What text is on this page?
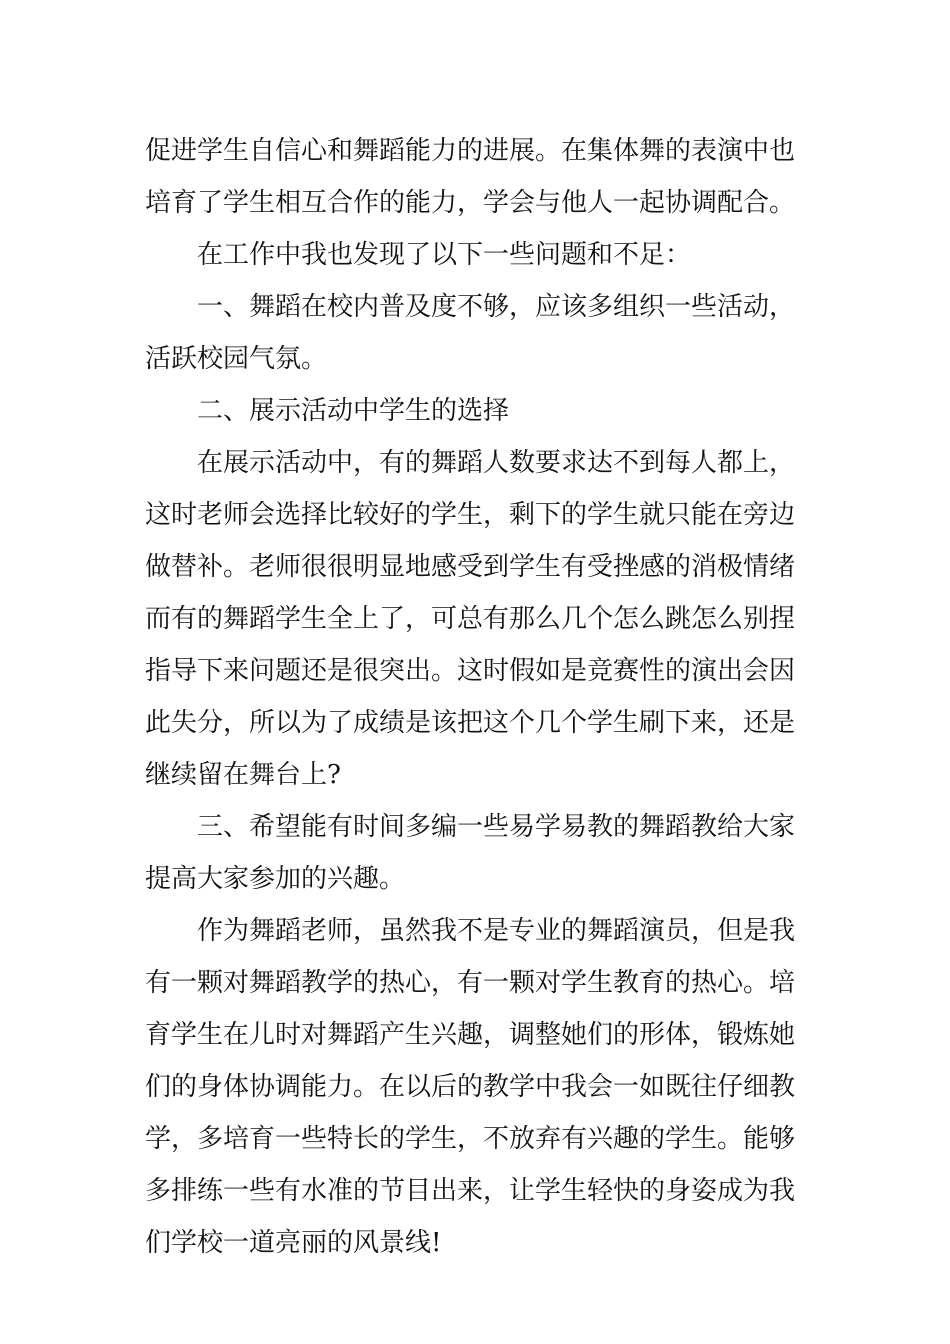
促进学生自信心和舞蹈能力的进展。在集体舞的表演中也
培育了学生相互合作的能力，学会与他人一起协调配合。
在工作中我也发现了以下一些问题和不足：
一、舞蹈在校内普及度不够，应该多组织一些活动，
活跃校园气氛。
二、展示活动中学生的选择
在展示活动中，有的舞蹈人数要求达不到每人都上，
这时老师会选择比较好的学生，剩下的学生就只能在旁边
做替补。老师很很明显地感受到学生有受挫感的消极情绪
而有的舞蹈学生全上了，可总有那么几个怎么跳怎么别捏
指导下来问题还是很突出。这时假如是竞赛性的演出会因
此失分，所以为了成绩是该把这个几个学生刷下来，还是
继续留在舞台上?
三、希望能有时间多编一些易学易教的舞蹈教给大家
提高大家参加的兴趣。
作为舞蹈老师，虽然我不是专业的舞蹈演员，但是我
有一颗对舞蹈教学的热心，有一颗对学生教育的热心。培
育学生在儿时对舞蹈产生兴趣，调整她们的形体，锻炼她
们的身体协调能力。在以后的教学中我会一如既往仔细教
学，多培育一些特长的学生，不放弃有兴趣的学生。能够
多排练一些有水准的节目出来，让学生轻快的身姿成为我
们学校一道亮丽的风景线!
